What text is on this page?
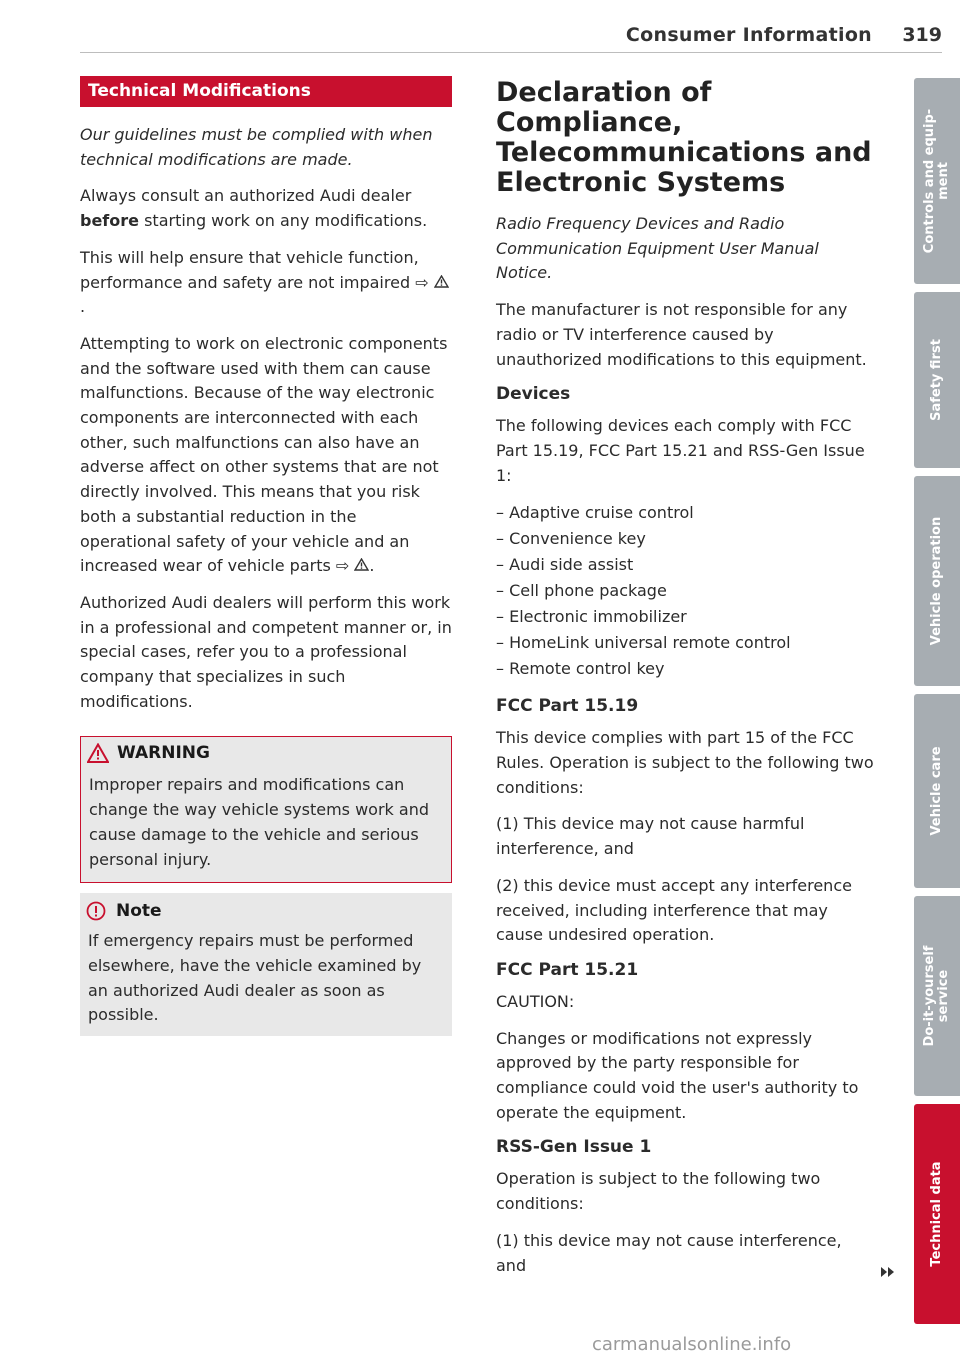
Consumer Information 319
Technical Modifications

Our guidelines must be complied with when technical modifications are made.

Always consult an authorized Audi dealer before starting work on any modifications.

This will help ensure that vehicle function, performance and safety are not impaired ⇨ .

Attempting to work on electronic components and the software used with them can cause malfunctions. Because of the way electronic components are interconnected with each other, such malfunctions can also have an adverse affect on other systems that are not directly involved. This means that you risk both a substantial reduction in the operational safety of your vehicle and an increased wear of vehicle parts ⇨ .

Authorized Audi dealers will perform this work in a professional and competent manner or, in special cases, refer you to a professional company that specializes in such modifications.

WARNING

Improper repairs and modifications can change the way vehicle systems work and cause damage to the vehicle and serious personal injury.

Note

If emergency repairs must be performed elsewhere, have the vehicle examined by an authorized Audi dealer as soon as possible.

Declaration of Compliance, Telecommunications and Electronic Systems

Radio Frequency Devices and Radio Communication Equipment User Manual Notice.

The manufacturer is not responsible for any radio or TV interference caused by unauthorized modifications to this equipment.

Devices

The following devices each comply with FCC Part 15.19, FCC Part 15.21 and RSS-Gen Issue 1:

– Adaptive cruise control
– Convenience key
– Audi side assist
– Cell phone package
– Electronic immobilizer
– HomeLink universal remote control
– Remote control key
FCC Part 15.19

This device complies with part 15 of the FCC Rules. Operation is subject to the following two conditions:

(1) This device may not cause harmful interference, and

(2) this device must accept any interference received, including interference that may cause undesired operation.

FCC Part 15.21

CAUTION:

Changes or modifications not expressly approved by the party responsible for compliance could void the user's authority to operate the equipment.

RSS-Gen Issue 1

Operation is subject to the following two conditions:

(1) this device may not cause interference, and

Controls and equip-ment
Safety first
Vehicle operation
Vehicle care
Do-it-yourself service
Technical data
carmanualsonline.info
